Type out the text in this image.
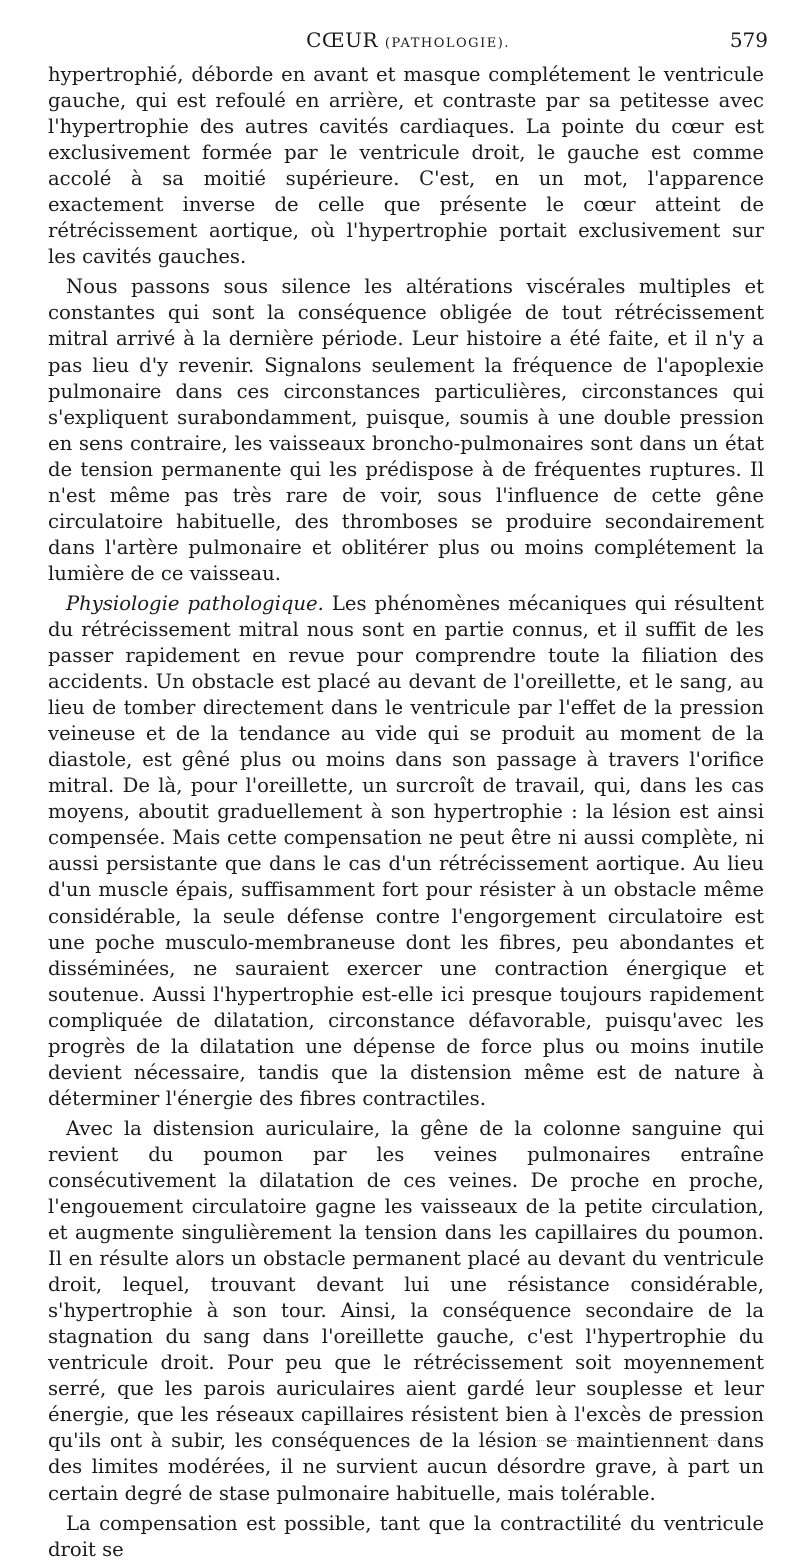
CŒUR (PATHOLOGIE).	579

hypertrophié, déborde en avant et masque complétement le ventricule gauche, qui est refoulé en arrière, et contraste par sa petitesse avec l'hypertrophie des autres cavités cardiaques. La pointe du cœur est exclusivement formée par le ventricule droit, le gauche est comme accolé à sa moitié supérieure. C'est, en un mot, l'apparence exactement inverse de celle que présente le cœur atteint de rétrécissement aortique, où l'hypertrophie portait exclusivement sur les cavités gauches.

Nous passons sous silence les altérations viscérales multiples et constantes qui sont la conséquence obligée de tout rétrécissement mitral arrivé à la dernière période. Leur histoire a été faite, et il n'y a pas lieu d'y revenir. Signalons seulement la fréquence de l'apoplexie pulmonaire dans ces circonstances particulières, circonstances qui s'expliquent surabondamment, puisque, soumis à une double pression en sens contraire, les vaisseaux broncho-pulmonaires sont dans un état de tension permanente qui les prédispose à de fréquentes ruptures. Il n'est même pas très rare de voir, sous l'influence de cette gêne circulatoire habituelle, des thromboses se produire secondairement dans l'artère pulmonaire et oblitérer plus ou moins complétement la lumière de ce vaisseau.

Physiologie pathologique. Les phénomènes mécaniques qui résultent du rétrécissement mitral nous sont en partie connus, et il suffit de les passer rapidement en revue pour comprendre toute la filiation des accidents. Un obstacle est placé au devant de l'oreillette, et le sang, au lieu de tomber directement dans le ventricule par l'effet de la pression veineuse et de la tendance au vide qui se produit au moment de la diastole, est gêné plus ou moins dans son passage à travers l'orifice mitral. De là, pour l'oreillette, un surcroît de travail, qui, dans les cas moyens, aboutit graduellement à son hypertrophie : la lésion est ainsi compensée. Mais cette compensation ne peut être ni aussi complète, ni aussi persistante que dans le cas d'un rétrécissement aortique. Au lieu d'un muscle épais, suffisamment fort pour résister à un obstacle même considérable, la seule défense contre l'engorgement circulatoire est une poche musculo-membraneuse dont les fibres, peu abondantes et disséminées, ne sauraient exercer une contraction énergique et soutenue. Aussi l'hypertrophie est-elle ici presque toujours rapidement compliquée de dilatation, circonstance défavorable, puisqu'avec les progrès de la dilatation une dépense de force plus ou moins inutile devient nécessaire, tandis que la distension même est de nature à déterminer l'énergie des fibres contractiles.

Avec la distension auriculaire, la gêne de la colonne sanguine qui revient du poumon par les veines pulmonaires entraîne consécutivement la dilatation de ces veines. De proche en proche, l'engouement circulatoire gagne les vaisseaux de la petite circulation, et augmente singulièrement la tension dans les capillaires du poumon. Il en résulte alors un obstacle permanent placé au devant du ventricule droit, lequel, trouvant devant lui une résistance considérable, s'hypertrophie à son tour. Ainsi, la conséquence secondaire de la stagnation du sang dans l'oreillette gauche, c'est l'hypertrophie du ventricule droit. Pour peu que le rétrécissement soit moyennement serré, que les parois auriculaires aient gardé leur souplesse et leur énergie, que les réseaux capillaires résistent bien à l'excès de pression qu'ils ont à subir, les conséquences de la lésion se maintiennent dans des limites modérées, il ne survient aucun désordre grave, à part un certain degré de stase pulmonaire habituelle, mais tolérable.

La compensation est possible, tant que la contractilité du ventricule droit se
